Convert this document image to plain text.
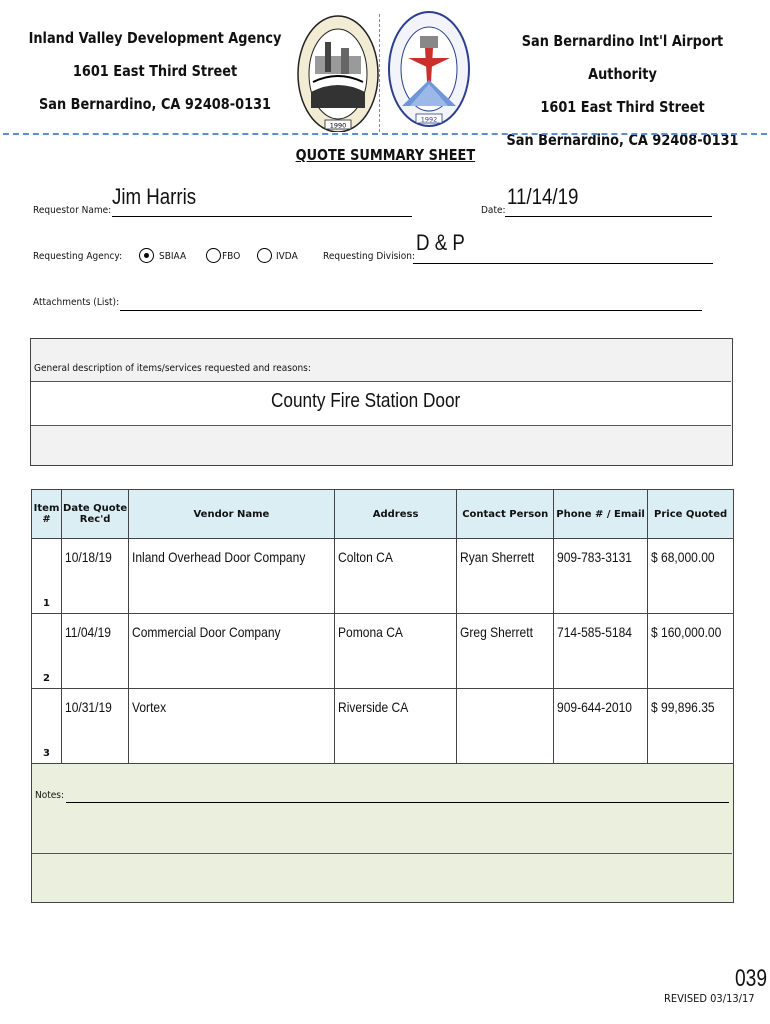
Inland Valley Development Agency
1601 East Third Street
San Bernardino, CA 92408-0131
San Bernardino Int'l Airport Authority
1601 East Third Street
San Bernardino, CA 92408-0131
1990
1992
QUOTE SUMMARY SHEET
Requestor Name:
Jim Harris
Date:
11/14/19
Requesting Agency:	SBIAA	FBO	IVDA	Requesting Division:
D & P
Attachments (List):
General description of items/services requested and reasons:
County Fire Station Door
Item #	Date Quote Rec'd	Vendor Name	Address	Contact Person	Phone # / Email	Price Quoted
1	10/18/19	Inland Overhead Door Company	Colton CA	Ryan Sherrett	909-783-3131	$ 68,000.00
2	11/04/19	Commercial Door Company	Pomona CA	Greg Sherrett	714-585-5184	$ 160,000.00
3	10/31/19	Vortex	Riverside CA		909-644-2010	$ 99,896.35
Notes:
039
REVISED 03/13/17
